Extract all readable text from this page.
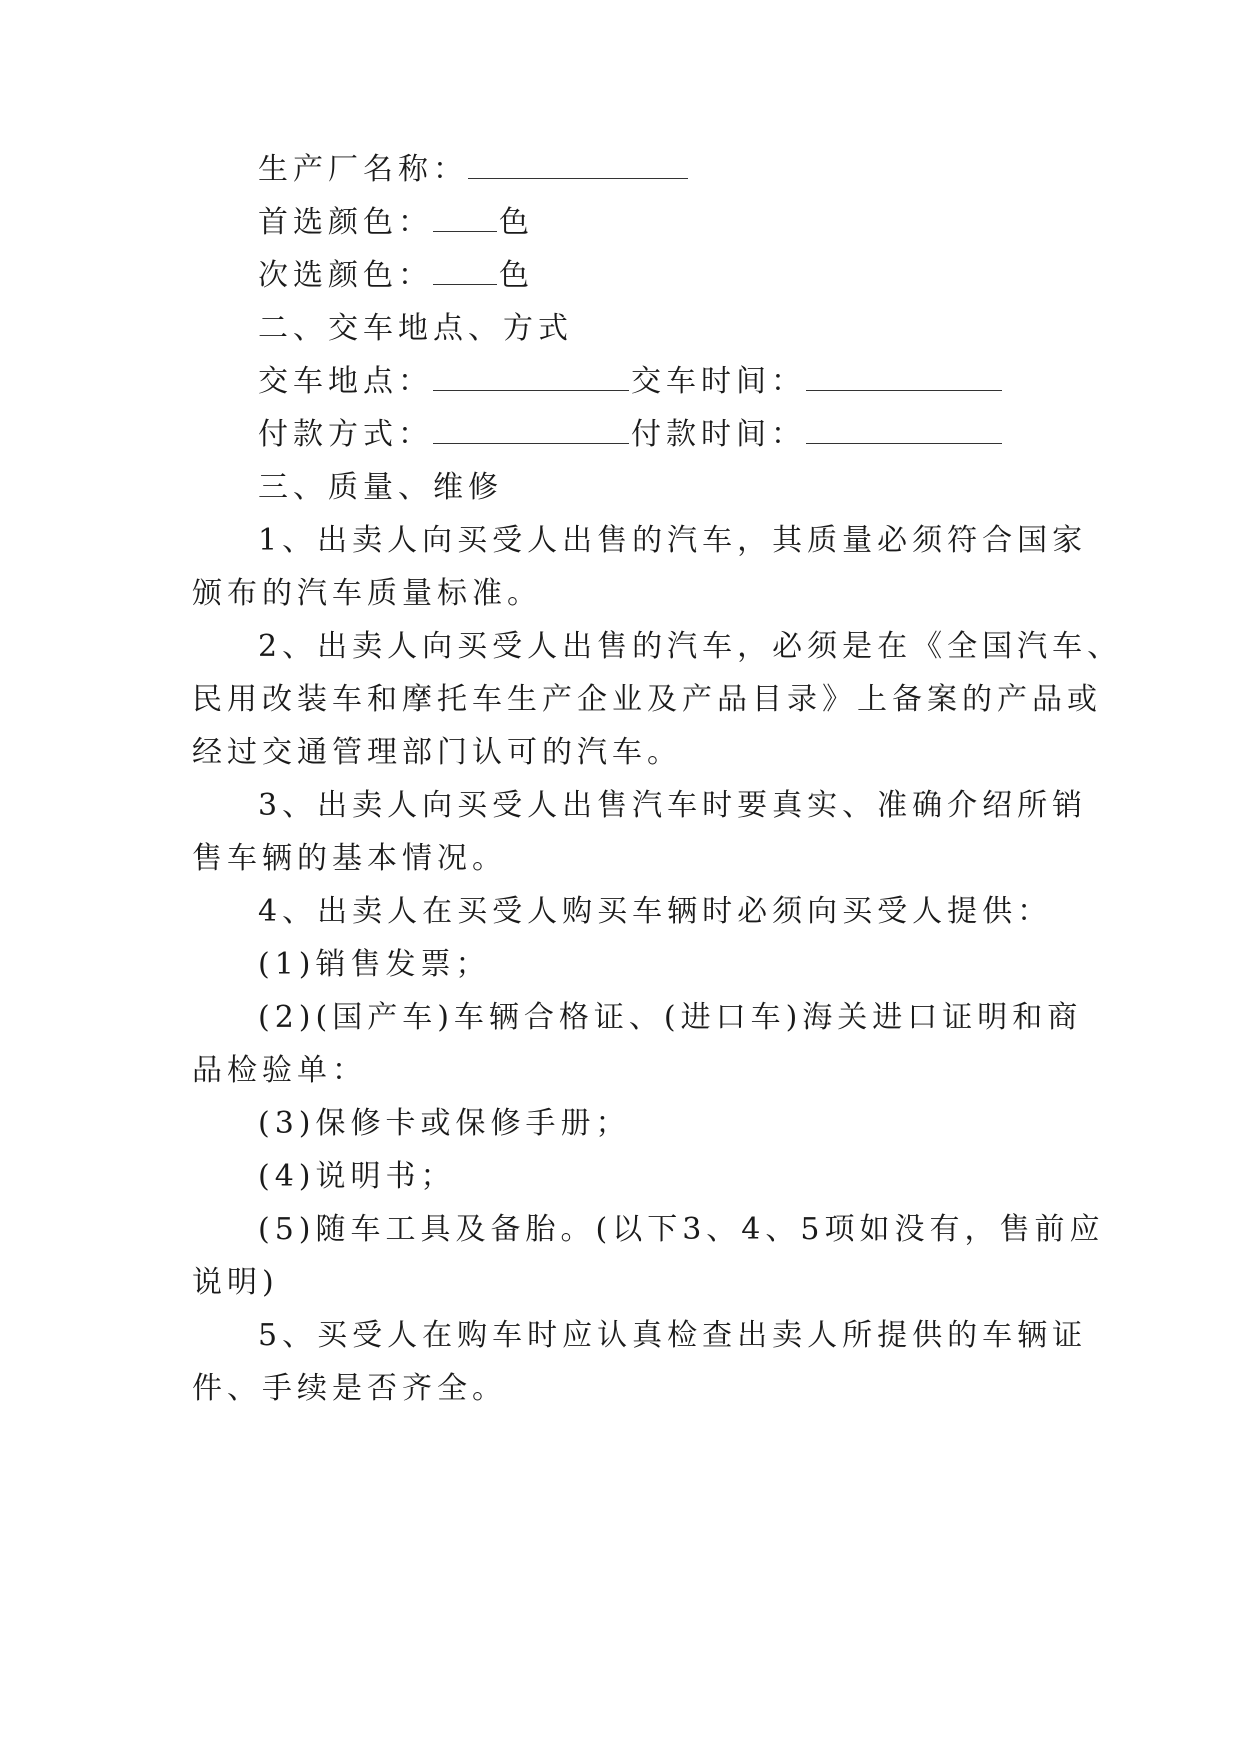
生产厂名称：
首选颜色： 色
次选颜色： 色
二、交车地点、方式
交车地点：	交车时间：
付款方式：	付款时间：
三、质量、维修
1、出卖人向买受人出售的汽车，其质量必须符合国家
颁布的汽车质量标准。
2、出卖人向买受人出售的汽车，必须是在《全国汽车、
民用改装车和摩托车生产企业及产品目录》上备案的产品或
经过交通管理部门认可的汽车。
3、出卖人向买受人出售汽车时要真实、准确介绍所销
售车辆的基本情况。
4、出卖人在买受人购买车辆时必须向买受人提供：
(1)销售发票；
(2)(国产车)车辆合格证、(进口车)海关进口证明和商
品检验单：
(3)保修卡或保修手册；
(4)说明书；
(5)随车工具及备胎。(以下3、4、5项如没有，售前应
说明)
5、买受人在购车时应认真检查出卖人所提供的车辆证
件、手续是否齐全。
